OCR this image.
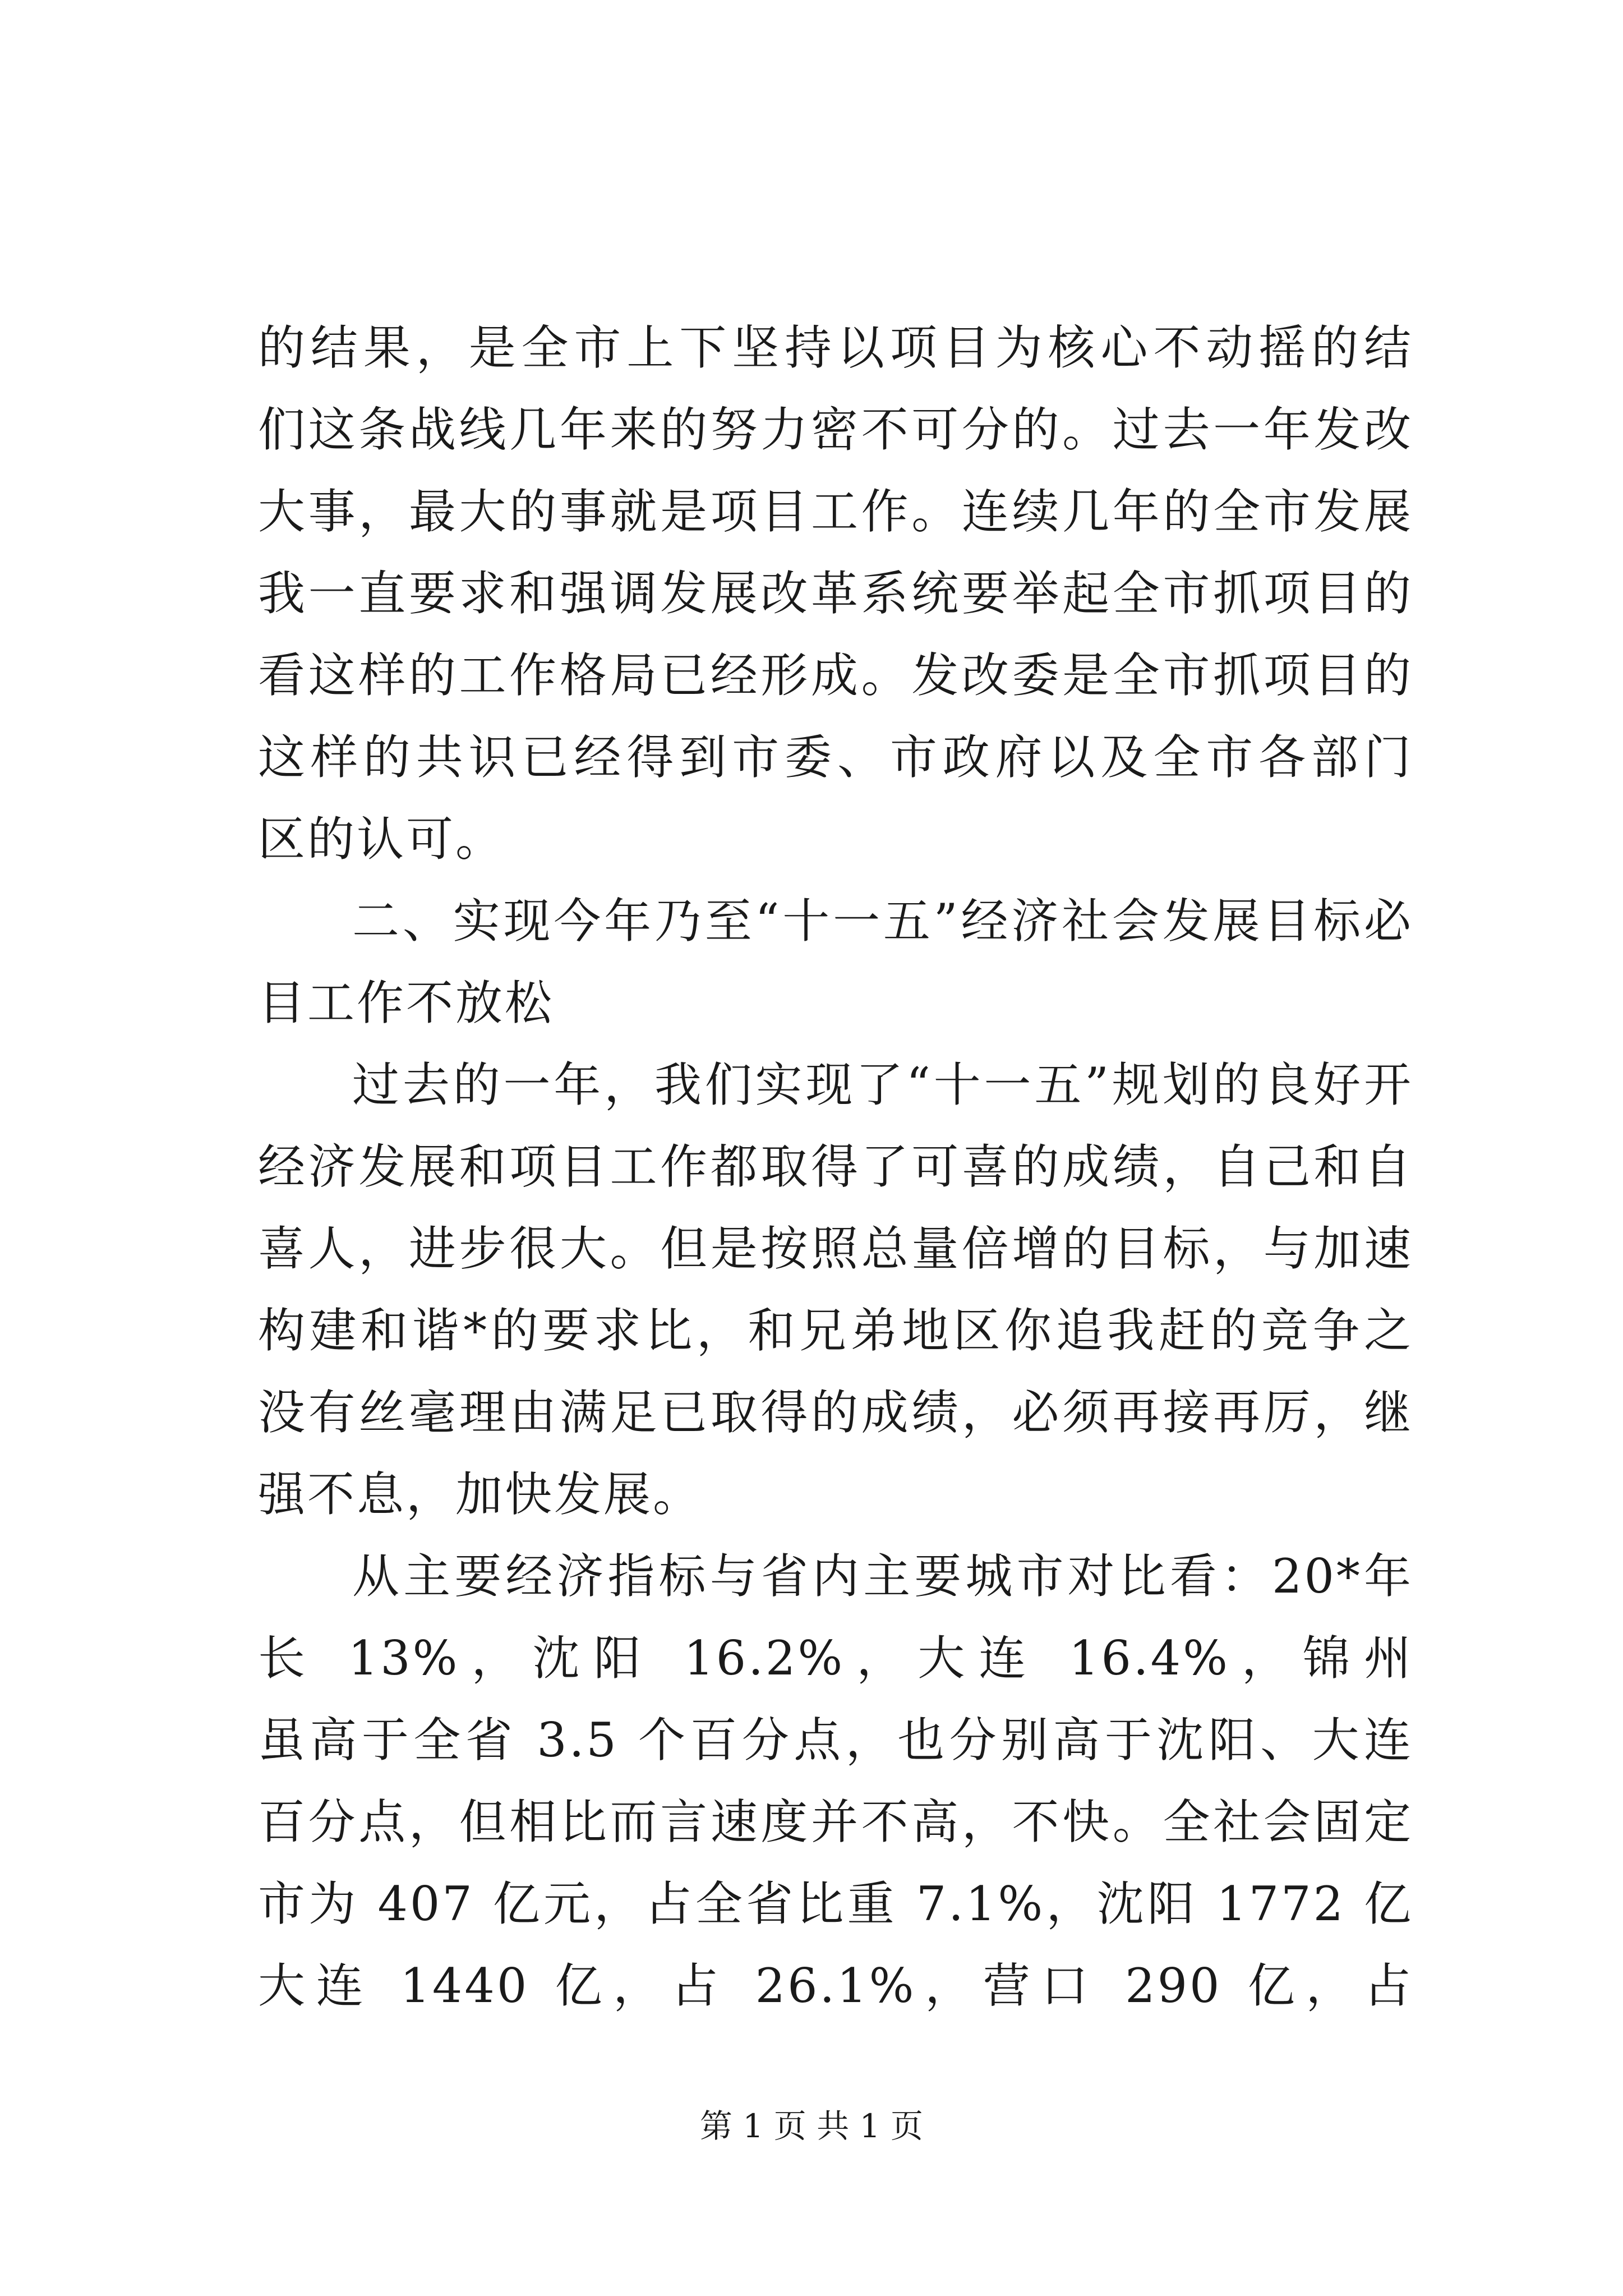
的结果，是全市上下坚持以项目为核心不动摇的结
们这条战线几年来的努力密不可分的。过去一年发改
大事，最大的事就是项目工作。连续几年的全市发展
我一直要求和强调发展改革系统要举起全市抓项目的
看这样的工作格局已经形成。发改委是全市抓项目的
这样的共识已经得到市委、市政府以及全市各部门
区的认可。
二、实现今年乃至“十一五”经济社会发展目标必
目工作不放松
过去的一年，我们实现了“十一五”规划的良好开
经济发展和项目工作都取得了可喜的成绩，自己和自
喜人，进步很大。但是按照总量倍增的目标，与加速
构建和谐*的要求比，和兄弟地区你追我赶的竞争之
没有丝毫理由满足已取得的成绩，必须再接再厉，继
强不息，加快发展。
从主要经济指标与省内主要城市对比看：20*年
长 13%，沈阳 16.2%，大连 16.4%，锦州
虽高于全省 3.5 个百分点，也分别高于沈阳、大连
百分点，但相比而言速度并不高，不快。全社会固定
市为 407 亿元，占全省比重 7.1%，沈阳 1772 亿
大连 1440 亿，占 26.1%，营口 290 亿，占
第 1 页 共 1 页
